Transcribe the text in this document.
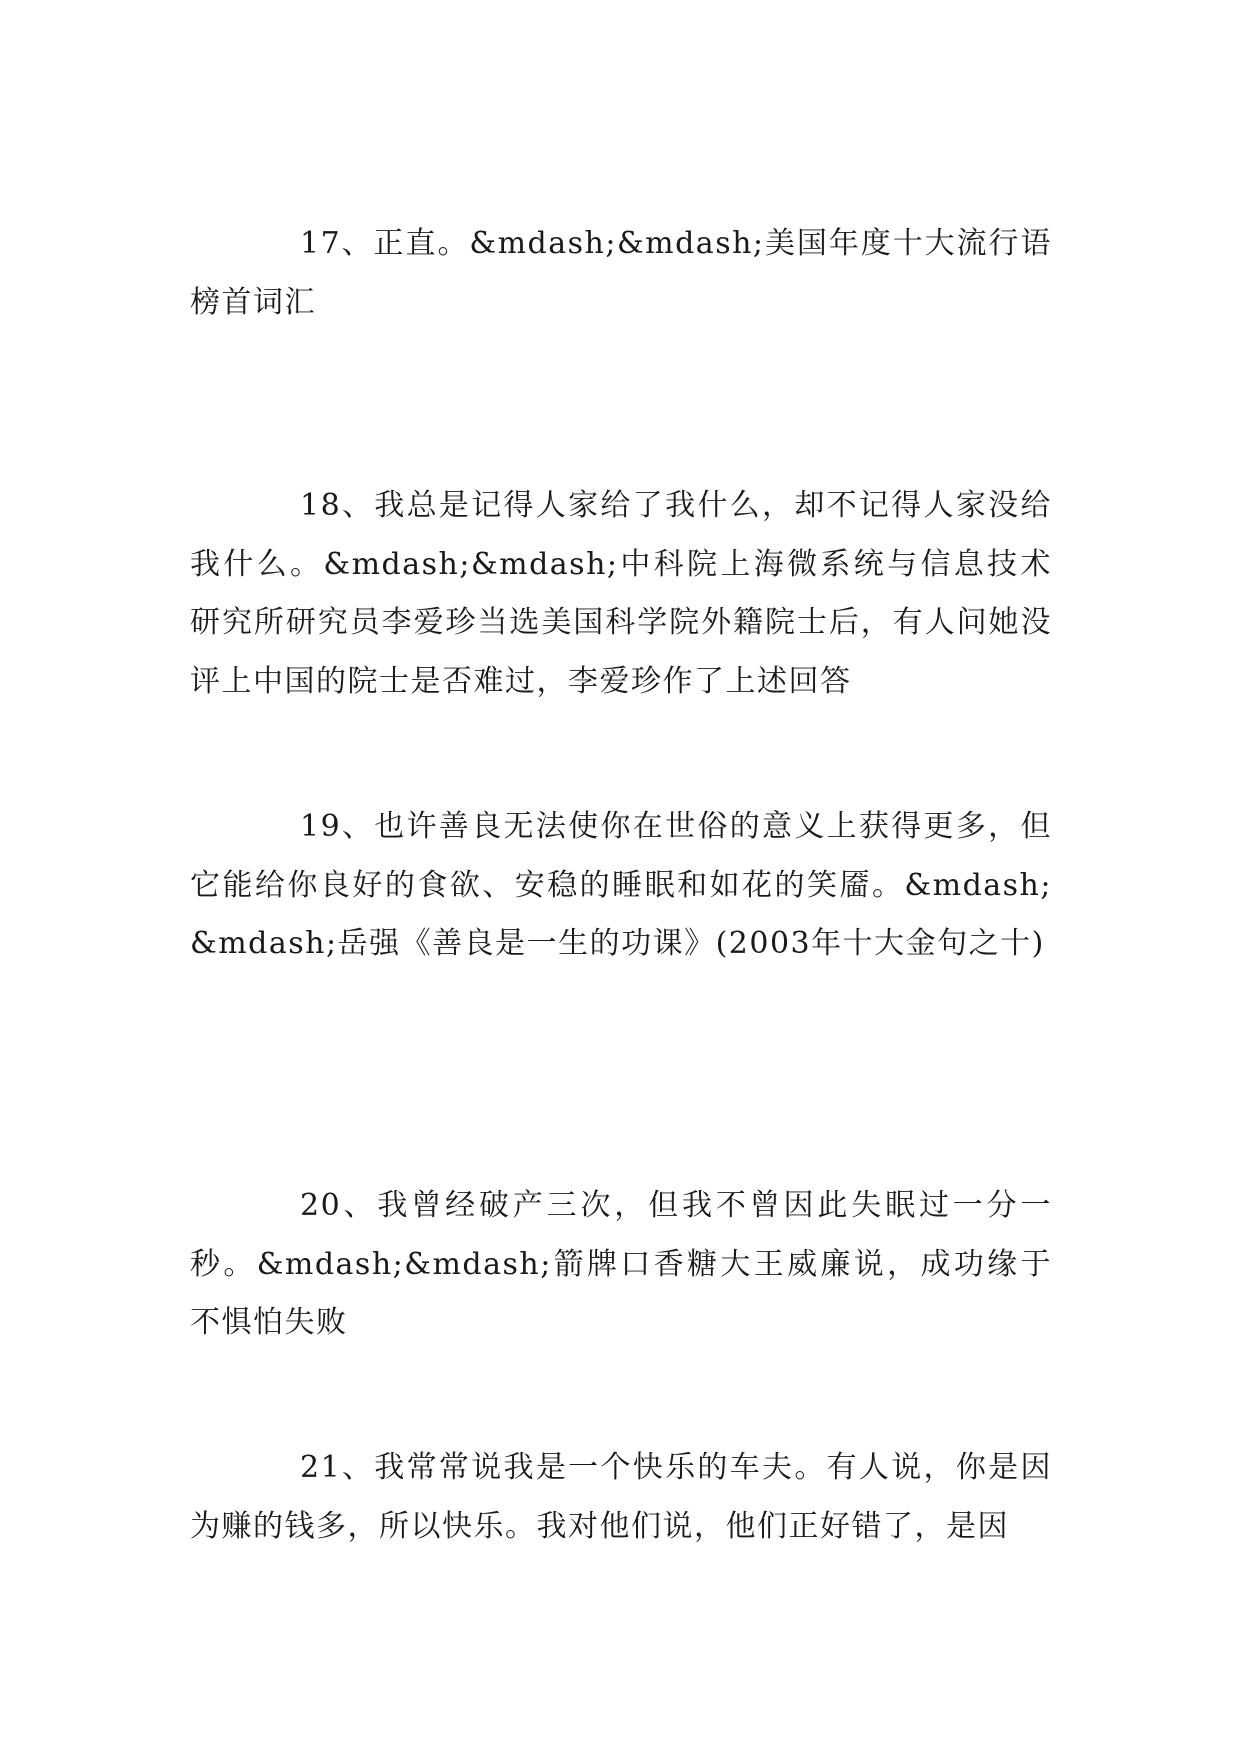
17、正直。&mdash;&mdash;美国年度十大流行语榜首词汇

18、我总是记得人家给了我什么，却不记得人家没给我什么。&mdash;&mdash;中科院上海微系统与信息技术研究所研究员李爱珍当选美国科学院外籍院士后，有人问她没评上中国的院士是否难过，李爱珍作了上述回答

19、也许善良无法使你在世俗的意义上获得更多，但它能给你良好的食欲、安稳的睡眠和如花的笑靥。&mdash;&mdash;岳强《善良是一生的功课》(2003年十大金句之十)

20、我曾经破产三次，但我不曾因此失眠过一分一秒。&mdash;&mdash;箭牌口香糖大王威廉说，成功缘于不惧怕失败

21、我常常说我是一个快乐的车夫。有人说，你是因为赚的钱多，所以快乐。我对他们说，他们正好错了，是因
